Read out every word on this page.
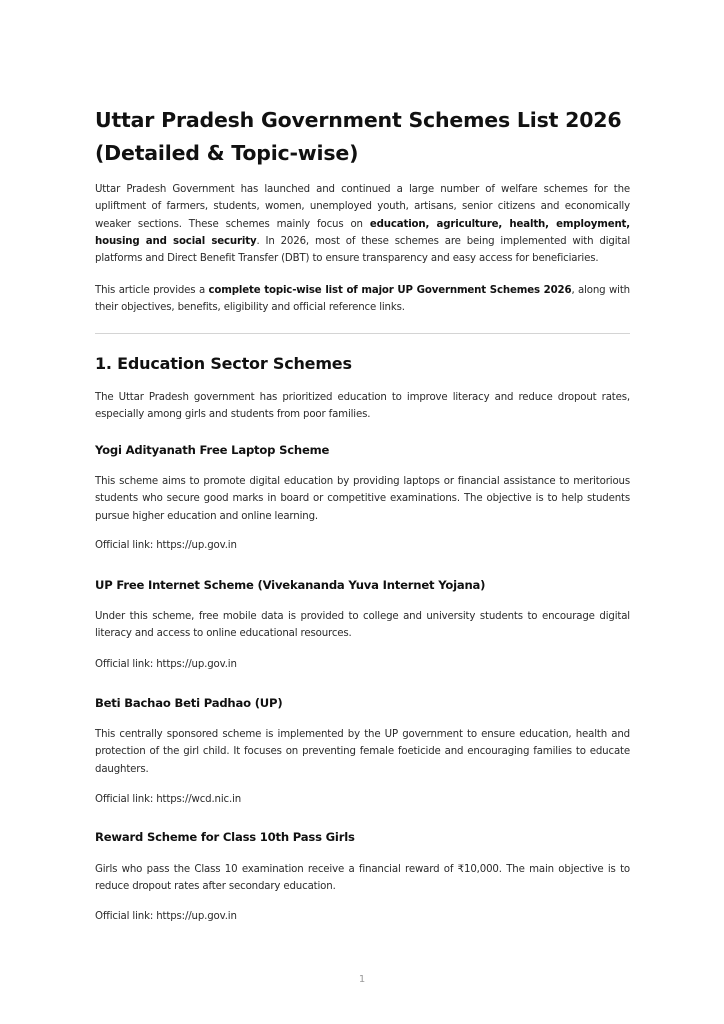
Uttar Pradesh Government Schemes List 2026
(Detailed & Topic-wise)

Uttar Pradesh Government has launched and continued a large number of welfare schemes for the upliftment of farmers, students, women, unemployed youth, artisans, senior citizens and economically weaker sections. These schemes mainly focus on education, agriculture, health, employment, housing and social security. In 2026, most of these schemes are being implemented with digital platforms and Direct Benefit Transfer (DBT) to ensure transparency and easy access for beneficiaries.

This article provides a complete topic-wise list of major UP Government Schemes 2026, along with their objectives, benefits, eligibility and official reference links.

1. Education Sector Schemes

The Uttar Pradesh government has prioritized education to improve literacy and reduce dropout rates, especially among girls and students from poor families.

Yogi Adityanath Free Laptop Scheme

This scheme aims to promote digital education by providing laptops or financial assistance to meritorious students who secure good marks in board or competitive examinations. The objective is to help students pursue higher education and online learning.

Official link: https://up.gov.in

UP Free Internet Scheme (Vivekananda Yuva Internet Yojana)

Under this scheme, free mobile data is provided to college and university students to encourage digital literacy and access to online educational resources.

Official link: https://up.gov.in

Beti Bachao Beti Padhao (UP)

This centrally sponsored scheme is implemented by the UP government to ensure education, health and protection of the girl child. It focuses on preventing female foeticide and encouraging families to educate daughters.

Official link: https://wcd.nic.in

Reward Scheme for Class 10th Pass Girls

Girls who pass the Class 10 examination receive a financial reward of ₹10,000. The main objective is to reduce dropout rates after secondary education.

Official link: https://up.gov.in

1
